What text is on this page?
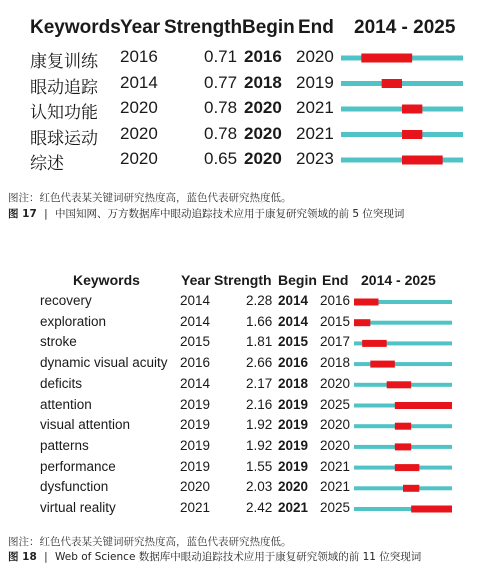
Keywords Year Strength Begin End 2014 - 2025
康复训练 2016	0.71 2016 2020
眼动追踪 2014	0.77 2018 2019
认知功能 2020	0.78 2020 2021
眼球运动 2020	0.78 2020 2021
综述	2020	0.65 2020 2023
图注：红色代表某关键词研究热度高，蓝色代表研究热度低。
图 17 | 中国知网、万方数据库中眼动追踪技术应用于康复研究领域的前 5 位突现词
Keywords	Year Strength Begin End 2014 - 2025
recovery	2014	2.28 2014 2016
exploration	2014	1.66 2014 2015
stroke	2015	1.81 2015 2017
dynamic visual acuity 2016	2.66 2016 2018
deficits	2014	2.17 2018 2020
attention	2019	2.16 2019 2025
visual attention	2019	1.92 2019 2020
patterns	2019	1.92 2019 2020
performance	2019	1.55 2019 2021
dysfunction	2020	2.03 2020 2021
virtual reality	2021	2.42 2021 2025
图注：红色代表某关键词研究热度高，蓝色代表研究热度低。
图 18 | Web of Science 数据库中眼动追踪技术应用于康复研究领域的前 11 位突现词
